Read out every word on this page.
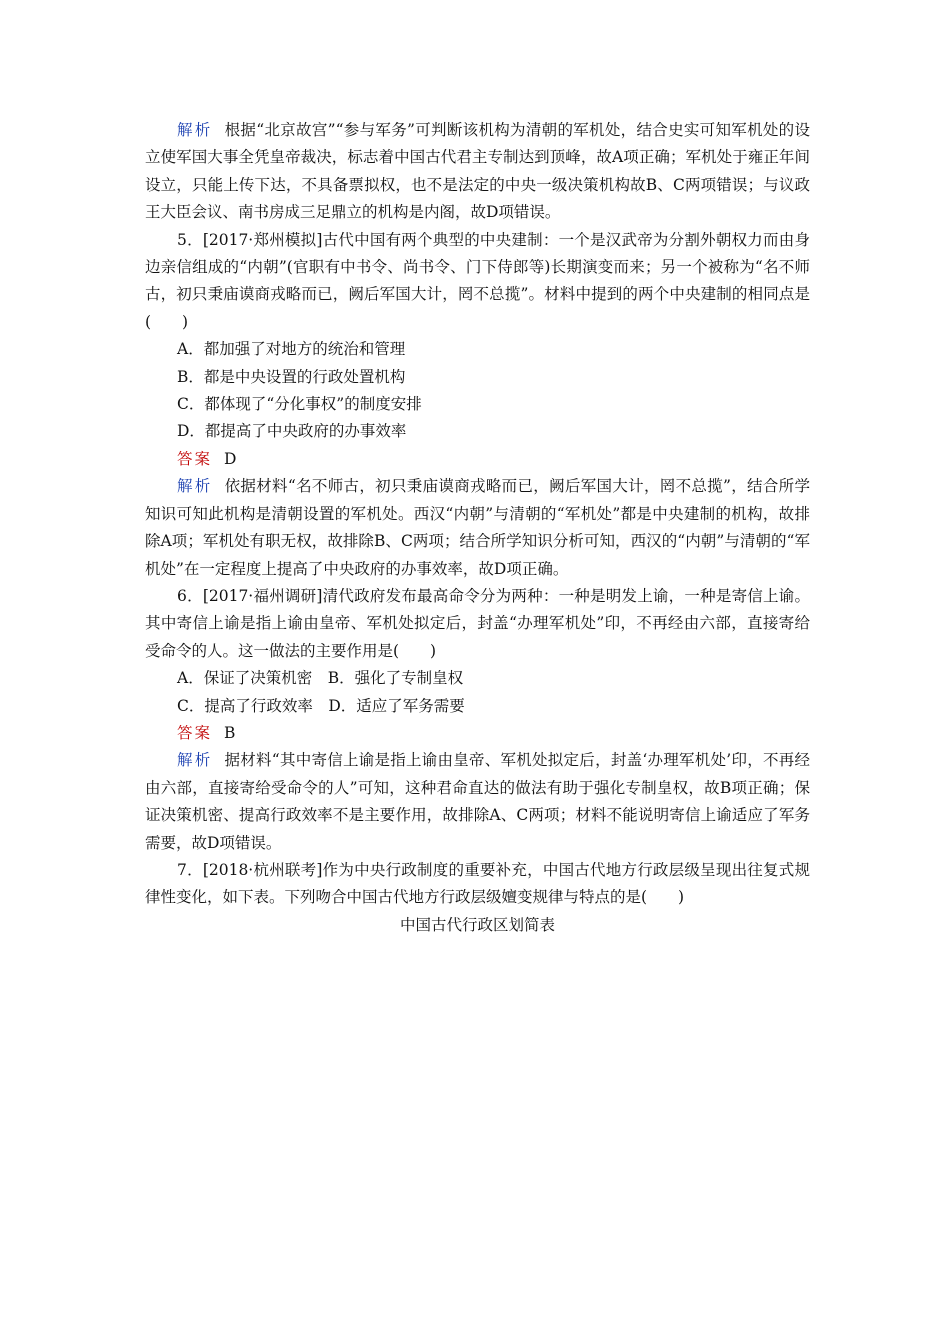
解析 根据“北京故宫”“参与军务”可判断该机构为清朝的军机处，结合史实可知军机处的设立使军国大事全凭皇帝裁决，标志着中国古代君主专制达到顶峰，故A项正确；军机处于雍正年间设立，只能上传下达，不具备票拟权，也不是法定的中央一级决策机构故B、C两项错误；与议政王大臣会议、南书房成三足鼎立的机构是内阁，故D项错误。

5．[2017·郑州模拟]古代中国有两个典型的中央建制：一个是汉武帝为分割外朝权力而由身边亲信组成的“内朝”(官职有中书令、尚书令、门下侍郎等)长期演变而来；另一个被称为“名不师古，初只秉庙谟商戎略而已，阙后军国大计，罔不总揽”。材料中提到的两个中央建制的相同点是(　　)

A．都加强了对地方的统治和管理

B．都是中央设置的行政处置机构

C．都体现了“分化事权”的制度安排

D．都提高了中央政府的办事效率

答案 D

解析 依据材料“名不师古，初只秉庙谟商戎略而已，阙后军国大计，罔不总揽”，结合所学知识可知此机构是清朝设置的军机处。西汉“内朝”与清朝的“军机处”都是中央建制的机构，故排除A项；军机处有职无权，故排除B、C两项；结合所学知识分析可知，西汉的“内朝”与清朝的“军机处”在一定程度上提高了中央政府的办事效率，故D项正确。

6．[2017·福州调研]清代政府发布最高命令分为两种：一种是明发上谕，一种是寄信上谕。其中寄信上谕是指上谕由皇帝、军机处拟定后，封盖“办理军机处”印，不再经由六部，直接寄给受命令的人。这一做法的主要作用是(　　)

A．保证了决策机密　B．强化了专制皇权

C．提高了行政效率　D．适应了军务需要

答案 B

解析 据材料“其中寄信上谕是指上谕由皇帝、军机处拟定后，封盖‘办理军机处’印，不再经由六部，直接寄给受命令的人”可知，这种君命直达的做法有助于强化专制皇权，故B项正确；保证决策机密、提高行政效率不是主要作用，故排除A、C两项；材料不能说明寄信上谕适应了军务需要，故D项错误。

7．[2018·杭州联考]作为中央行政制度的重要补充，中国古代地方行政层级呈现出往复式规律性变化，如下表。下列吻合中国古代地方行政层级嬗变规律与特点的是(　　)

中国古代行政区划简表
